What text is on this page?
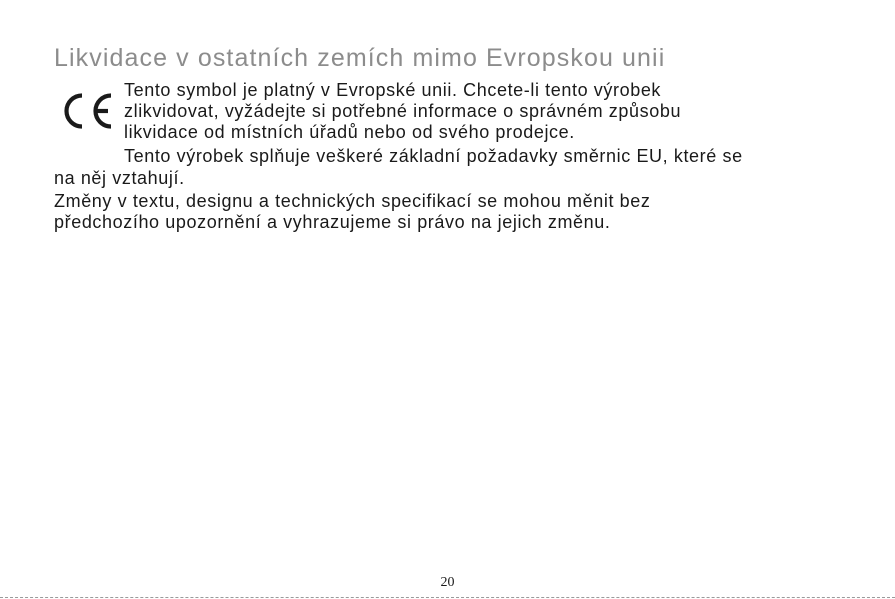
Likvidace v ostatních zemích mimo Evropskou unii
Tento symbol je platný v Evropské unii. Chcete-li tento výrobek
zlikvidovat, vyžádejte si potřebné informace o správném způsobu
likvidace od místních úřadů nebo od svého prodejce.
Tento výrobek splňuje veškeré základní požadavky směrnic EU, které se
na něj vztahují.
Změny v textu, designu a technických specifikací se mohou měnit bez
předchozího upozornění a vyhrazujeme si právo na jejich změnu.
20
